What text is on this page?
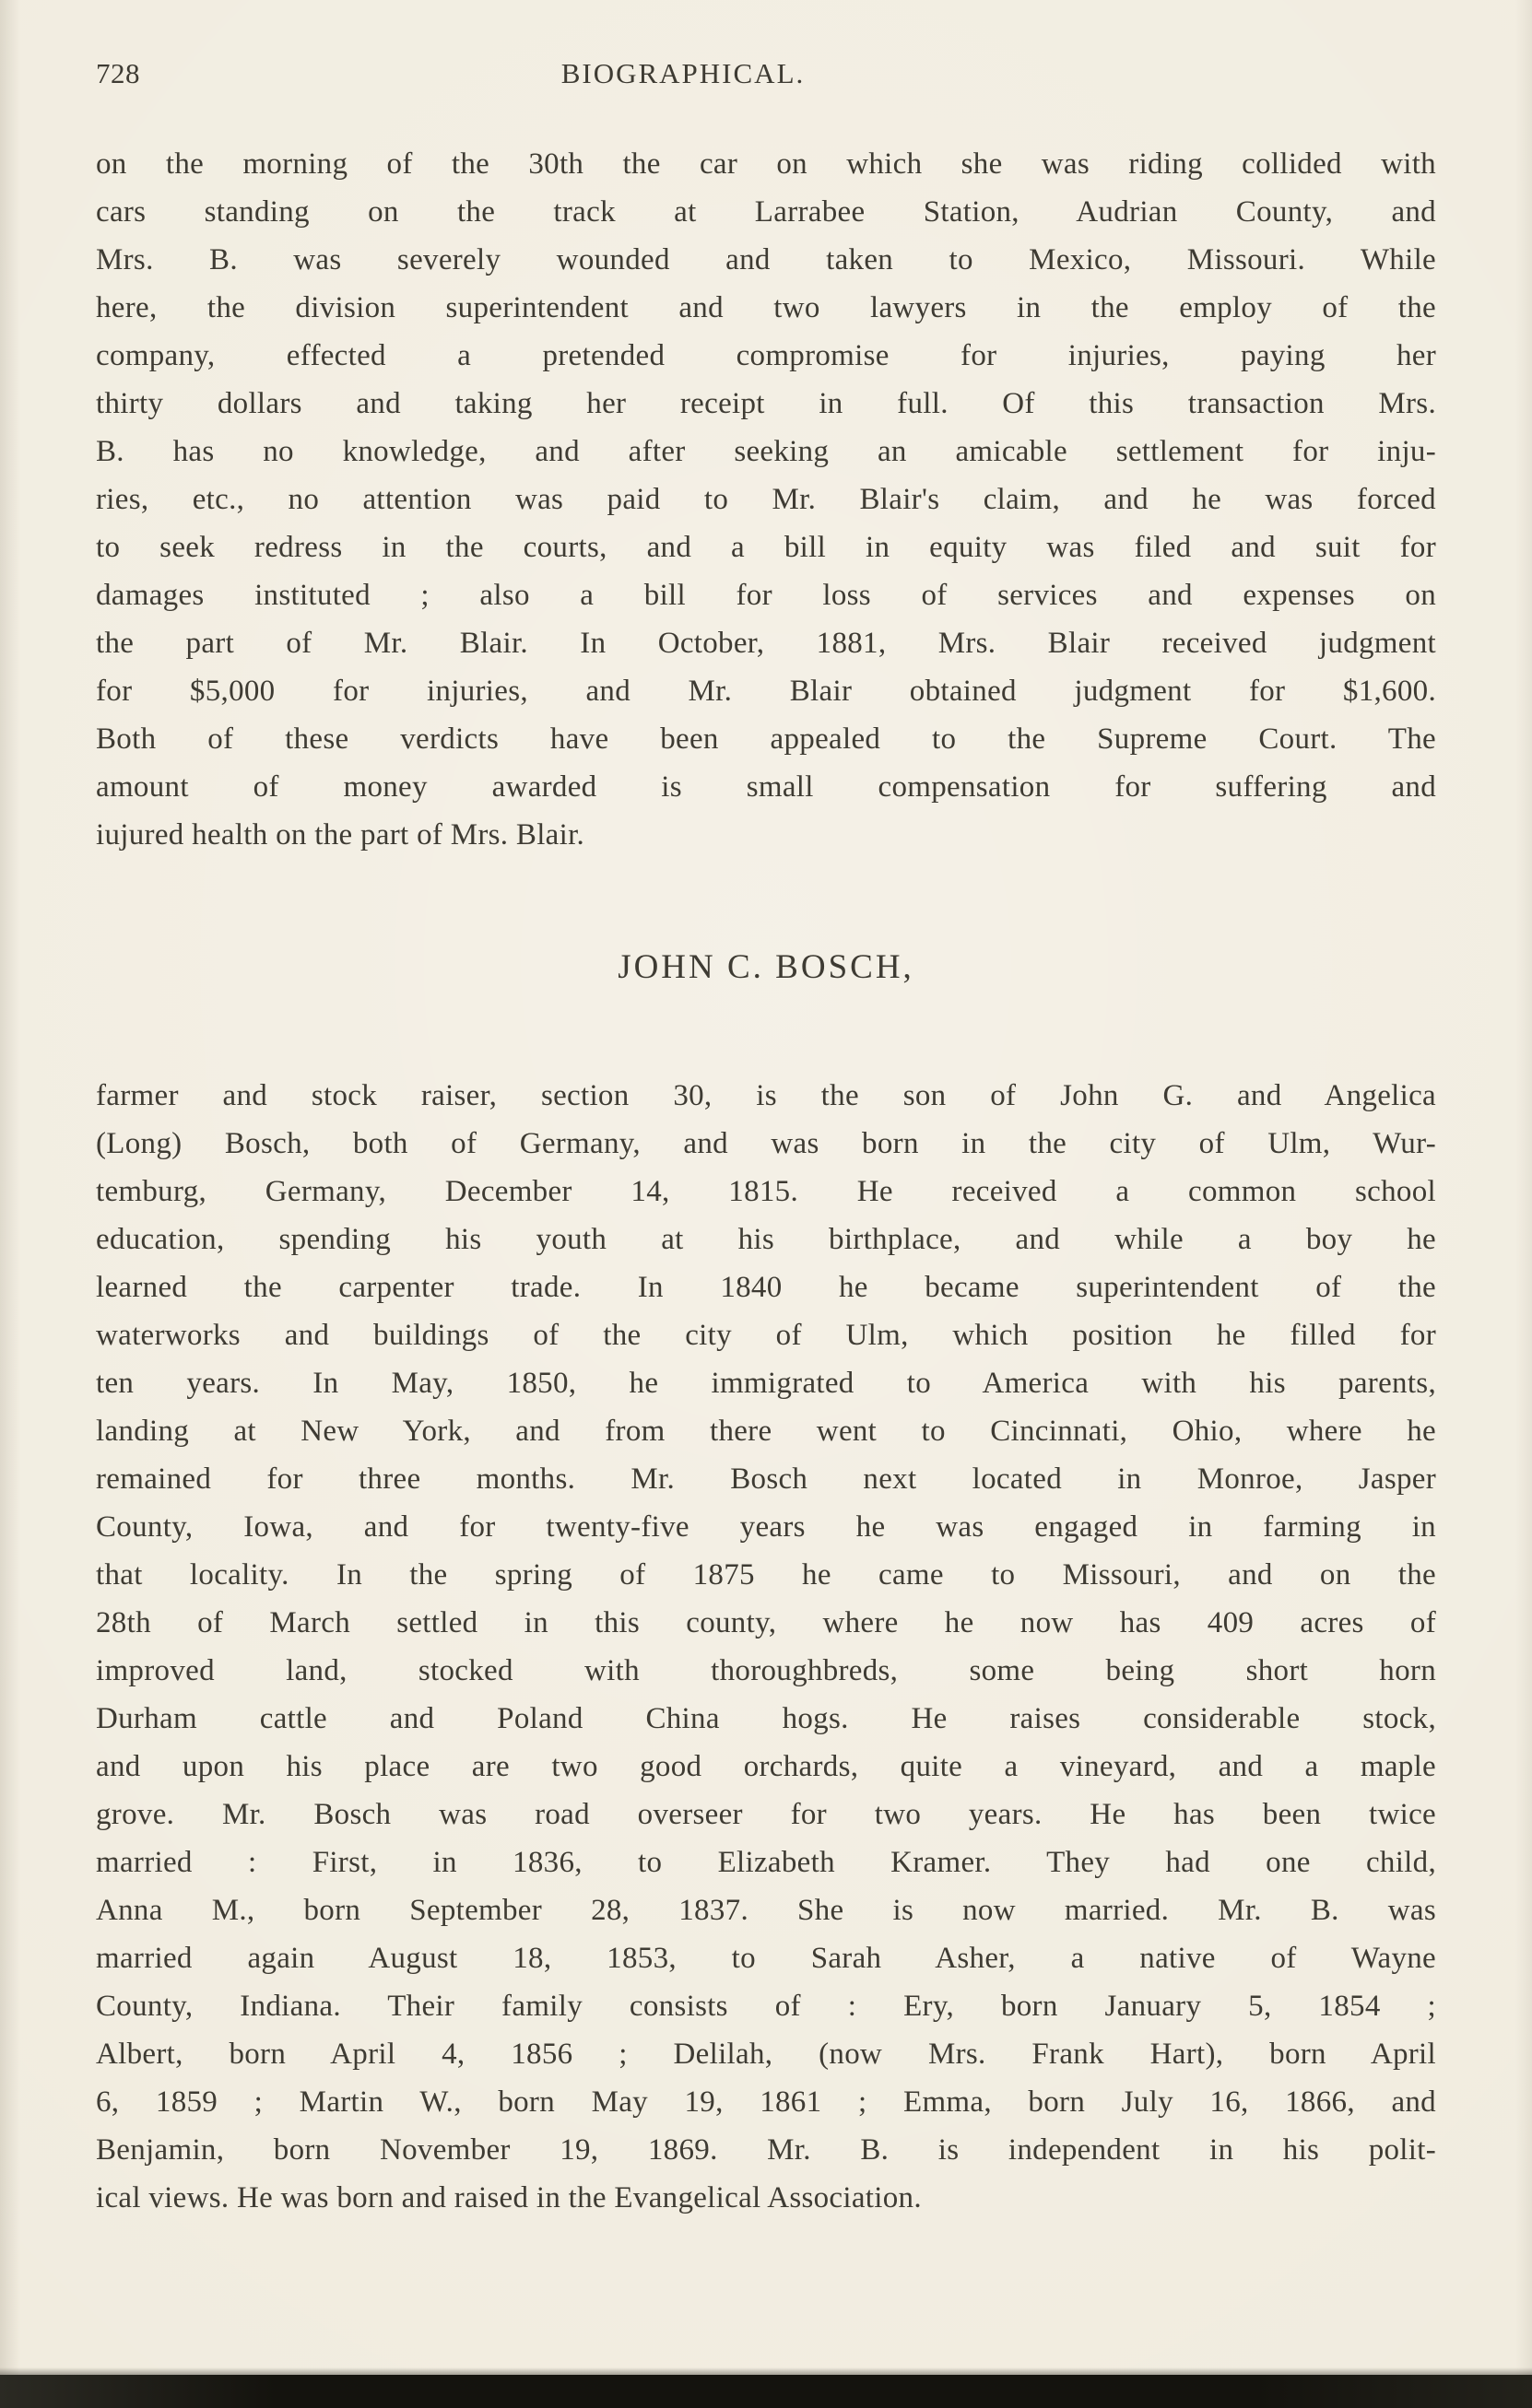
728	BIOGRAPHICAL.
on the morning of the 30th the car on which she was riding collided with
cars standing on the track at Larrabee Station, Audrian County, and
Mrs. B. was severely wounded and taken to Mexico, Missouri. While
here, the division superintendent and two lawyers in the employ of the
company, effected a pretended compromise for injuries, paying her
thirty dollars and taking her receipt in full. Of this transaction Mrs.
B. has no knowledge, and after seeking an amicable settlement for inju-
ries, etc., no attention was paid to Mr. Blair's claim, and he was forced
to seek redress in the courts, and a bill in equity was filed and suit for
damages instituted ; also a bill for loss of services and expenses on
the part of Mr. Blair. In October, 1881, Mrs. Blair received judgment
for $5,000 for injuries, and Mr. Blair obtained judgment for $1,600.
Both of these verdicts have been appealed to the Supreme Court. The
amount of money awarded is small compensation for suffering and
iujured health on the part of Mrs. Blair.
JOHN C. BOSCH,
farmer and stock raiser, section 30, is the son of John G. and Angelica
(Long) Bosch, both of Germany, and was born in the city of Ulm, Wur-
temburg, Germany, December 14, 1815. He received a common school
education, spending his youth at his birthplace, and while a boy he
learned the carpenter trade. In 1840 he became superintendent of the
waterworks and buildings of the city of Ulm, which position he filled for
ten years. In May, 1850, he immigrated to America with his parents,
landing at New York, and from there went to Cincinnati, Ohio, where he
remained for three months. Mr. Bosch next located in Monroe, Jasper
County, Iowa, and for twenty-five years he was engaged in farming in
that locality. In the spring of 1875 he came to Missouri, and on the
28th of March settled in this county, where he now has 409 acres of
improved land, stocked with thoroughbreds, some being short horn
Durham cattle and Poland China hogs. He raises considerable stock,
and upon his place are two good orchards, quite a vineyard, and a maple
grove. Mr. Bosch was road overseer for two years. He has been twice
married : First, in 1836, to Elizabeth Kramer. They had one child,
Anna M., born September 28, 1837. She is now married. Mr. B. was
married again August 18, 1853, to Sarah Asher, a native of Wayne
County, Indiana. Their family consists of : Ery, born January 5, 1854 ;
Albert, born April 4, 1856 ; Delilah, (now Mrs. Frank Hart), born April
6, 1859 ; Martin W., born May 19, 1861 ; Emma, born July 16, 1866, and
Benjamin, born November 19, 1869. Mr. B. is independent in his polit-
ical views. He was born and raised in the Evangelical Association.
